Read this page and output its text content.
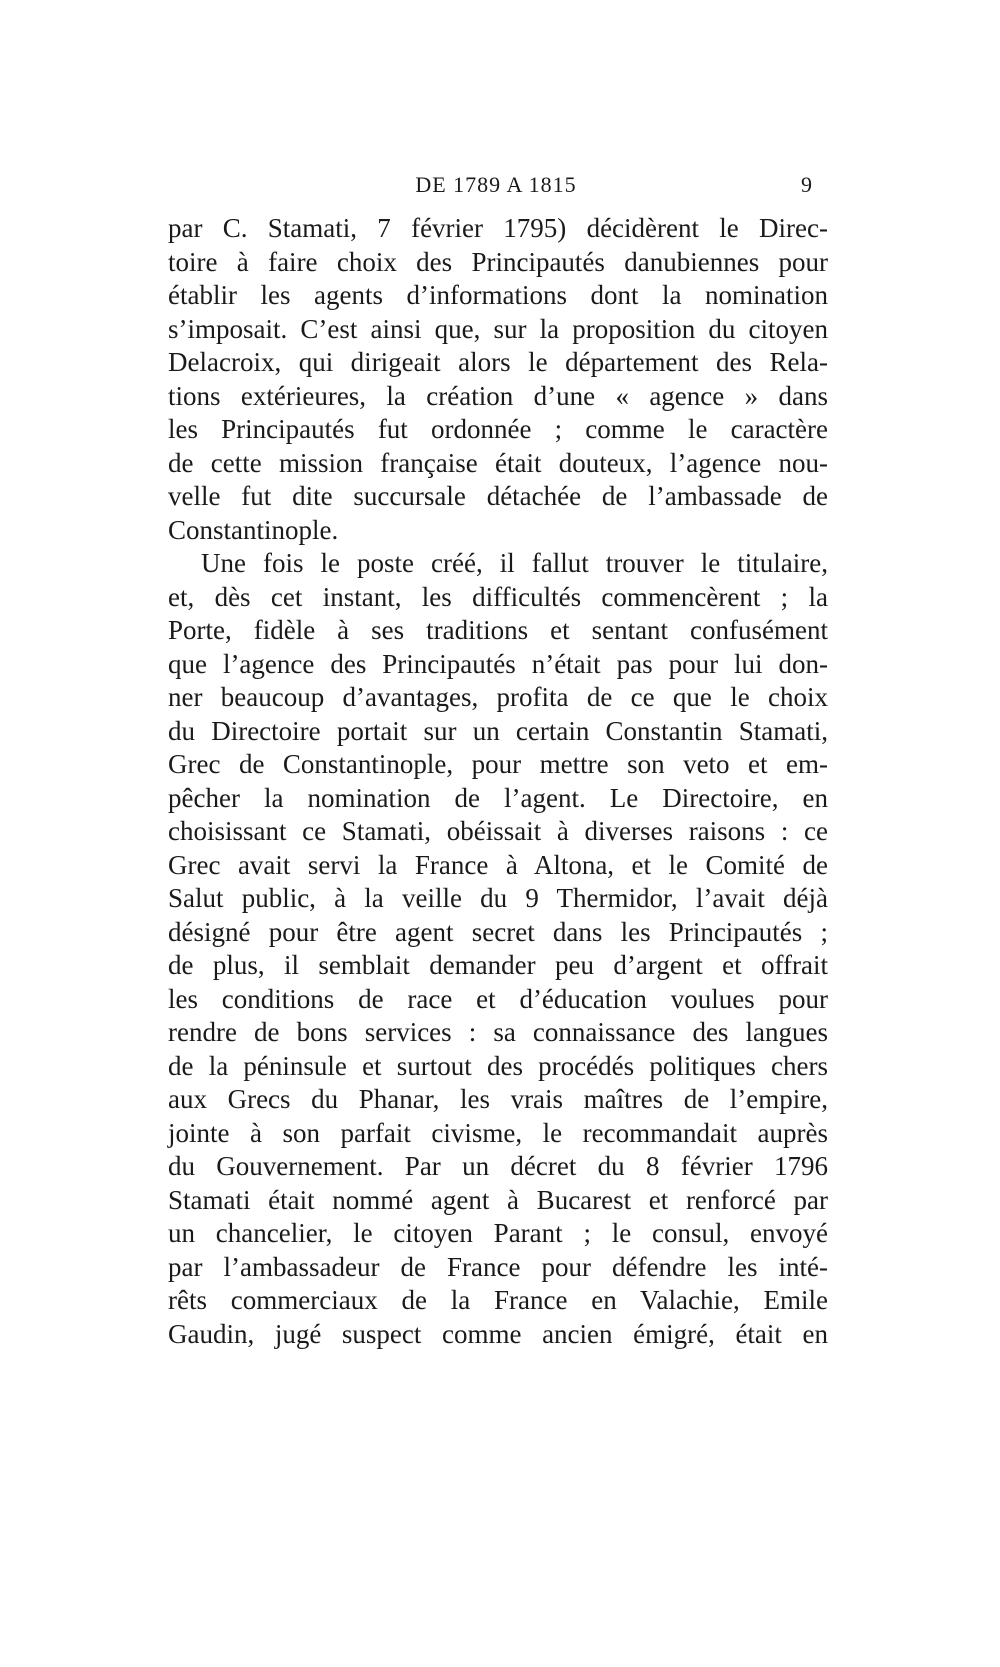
DE 1789 A 1815	9
par C. Stamati, 7 février 1795) décidèrent le Direc-
toire à faire choix des Principautés danubiennes pour
établir les agents d’informations dont la nomination
s’imposait. C’est ainsi que, sur la proposition du citoyen
Delacroix, qui dirigeait alors le département des Rela-
tions extérieures, la création d’une « agence » dans
les Principautés fut ordonnée ; comme le caractère
de cette mission française était douteux, l’agence nou-
velle fut dite succursale détachée de l’ambassade de
Constantinople.
Une fois le poste créé, il fallut trouver le titulaire,
et, dès cet instant, les difficultés commencèrent ; la
Porte, fidèle à ses traditions et sentant confusément
que l’agence des Principautés n’était pas pour lui don-
ner beaucoup d’avantages, profita de ce que le choix
du Directoire portait sur un certain Constantin Stamati,
Grec de Constantinople, pour mettre son veto et em-
pêcher la nomination de l’agent. Le Directoire, en
choisissant ce Stamati, obéissait à diverses raisons : ce
Grec avait servi la France à Altona, et le Comité de
Salut public, à la veille du 9 Thermidor, l’avait déjà
désigné pour être agent secret dans les Principautés ;
de plus, il semblait demander peu d’argent et offrait
les conditions de race et d’éducation voulues pour
rendre de bons services : sa connaissance des langues
de la péninsule et surtout des procédés politiques chers
aux Grecs du Phanar, les vrais maîtres de l’empire,
jointe à son parfait civisme, le recommandait auprès
du Gouvernement. Par un décret du 8 février 1796
Stamati était nommé agent à Bucarest et renforcé par
un chancelier, le citoyen Parant ; le consul, envoyé
par l’ambassadeur de France pour défendre les inté-
rêts commerciaux de la France en Valachie, Emile
Gaudin, jugé suspect comme ancien émigré, était en
